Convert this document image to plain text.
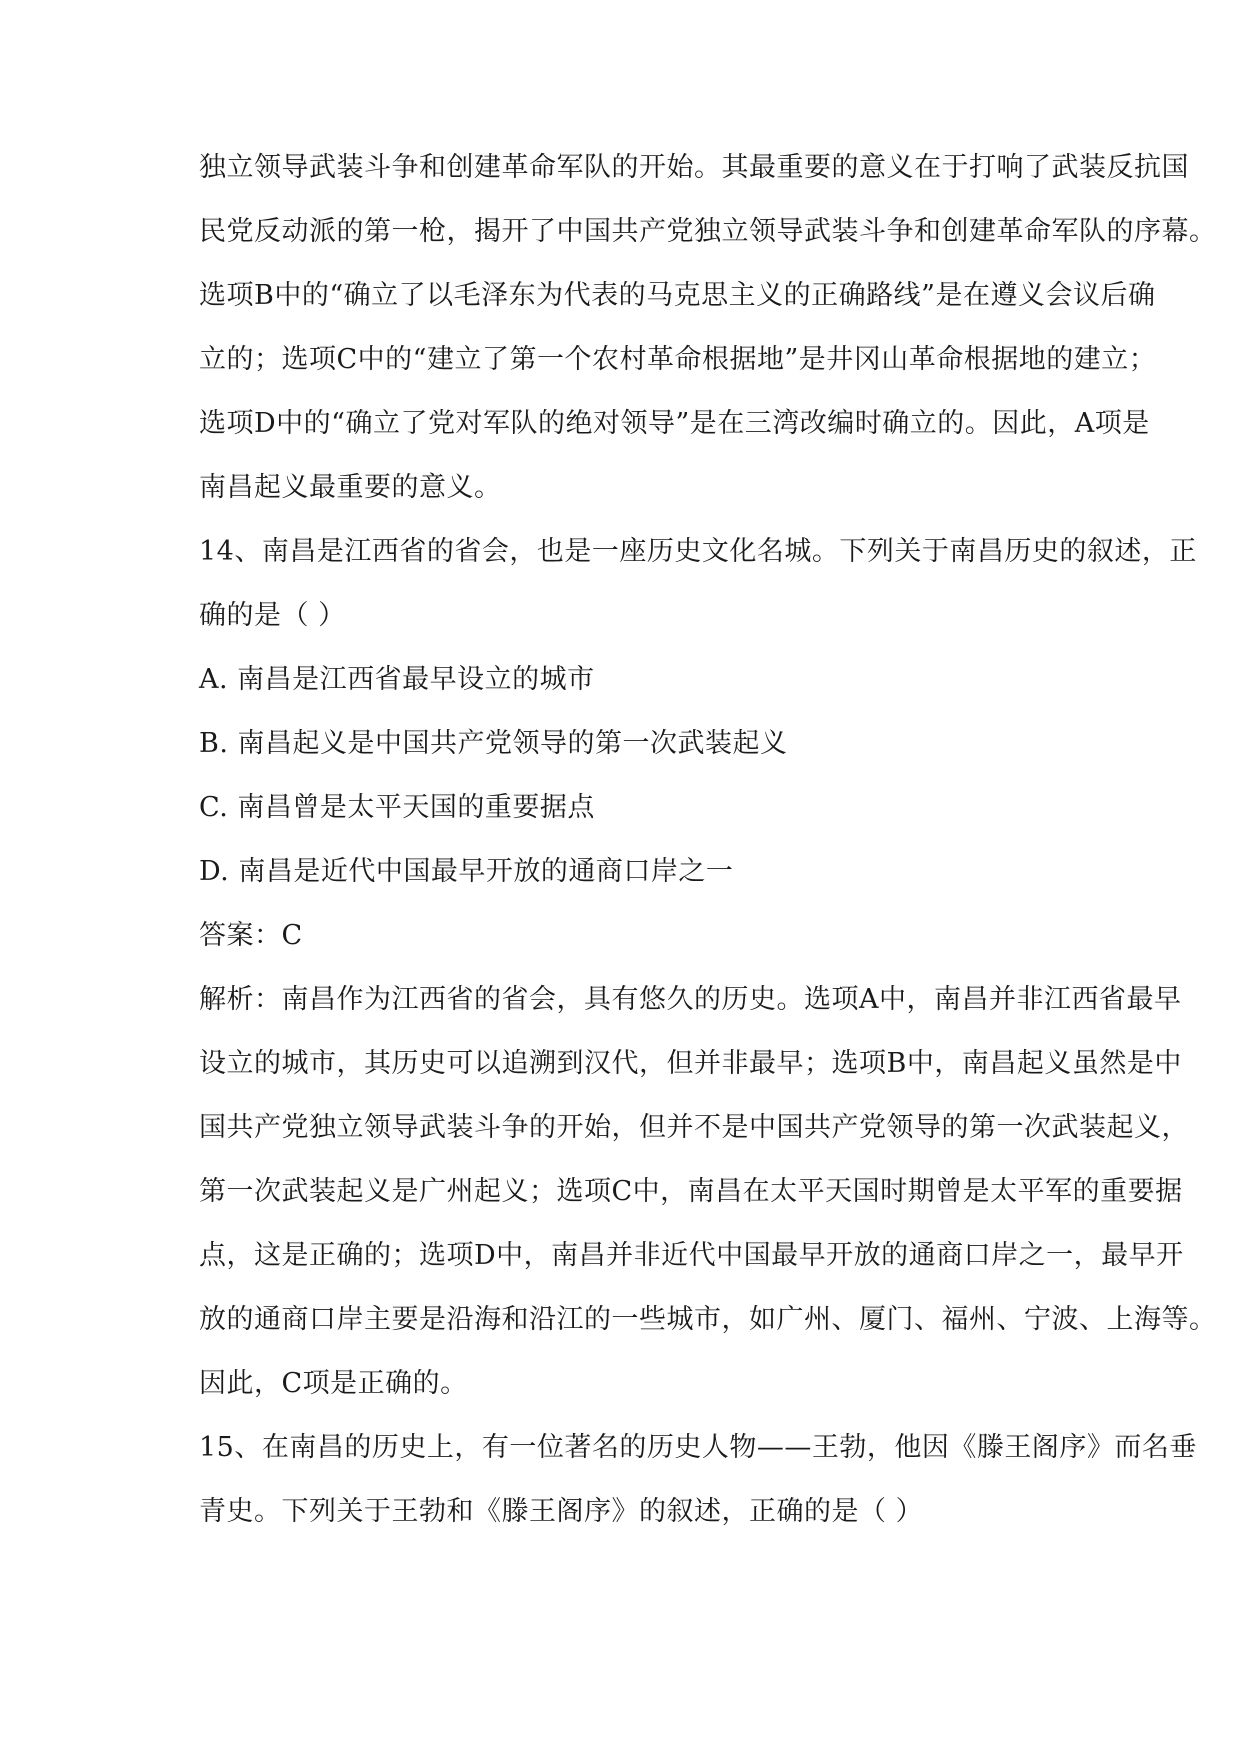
独立领导武装斗争和创建革命军队的开始。其最重要的意义在于打响了武装反抗国
民党反动派的第一枪，揭开了中国共产党独立领导武装斗争和创建革命军队的序幕。
选项B中的“确立了以毛泽东为代表的马克思主义的正确路线”是在遵义会议后确
立的；选项C中的“建立了第一个农村革命根据地”是井冈山革命根据地的建立；
选项D中的“确立了党对军队的绝对领导”是在三湾改编时确立的。因此，A项是
南昌起义最重要的意义。
14、南昌是江西省的省会，也是一座历史文化名城。下列关于南昌历史的叙述，正
确的是（ ）
A. 南昌是江西省最早设立的城市
B. 南昌起义是中国共产党领导的第一次武装起义
C. 南昌曾是太平天国的重要据点
D. 南昌是近代中国最早开放的通商口岸之一
答案：C
解析：南昌作为江西省的省会，具有悠久的历史。选项A中，南昌并非江西省最早
设立的城市，其历史可以追溯到汉代，但并非最早；选项B中，南昌起义虽然是中
国共产党独立领导武装斗争的开始，但并不是中国共产党领导的第一次武装起义，
第一次武装起义是广州起义；选项C中，南昌在太平天国时期曾是太平军的重要据
点，这是正确的；选项D中，南昌并非近代中国最早开放的通商口岸之一，最早开
放的通商口岸主要是沿海和沿江的一些城市，如广州、厦门、福州、宁波、上海等。
因此，C项是正确的。
15、在南昌的历史上，有一位著名的历史人物——王勃，他因《滕王阁序》而名垂
青史。下列关于王勃和《滕王阁序》的叙述，正确的是（ ）
